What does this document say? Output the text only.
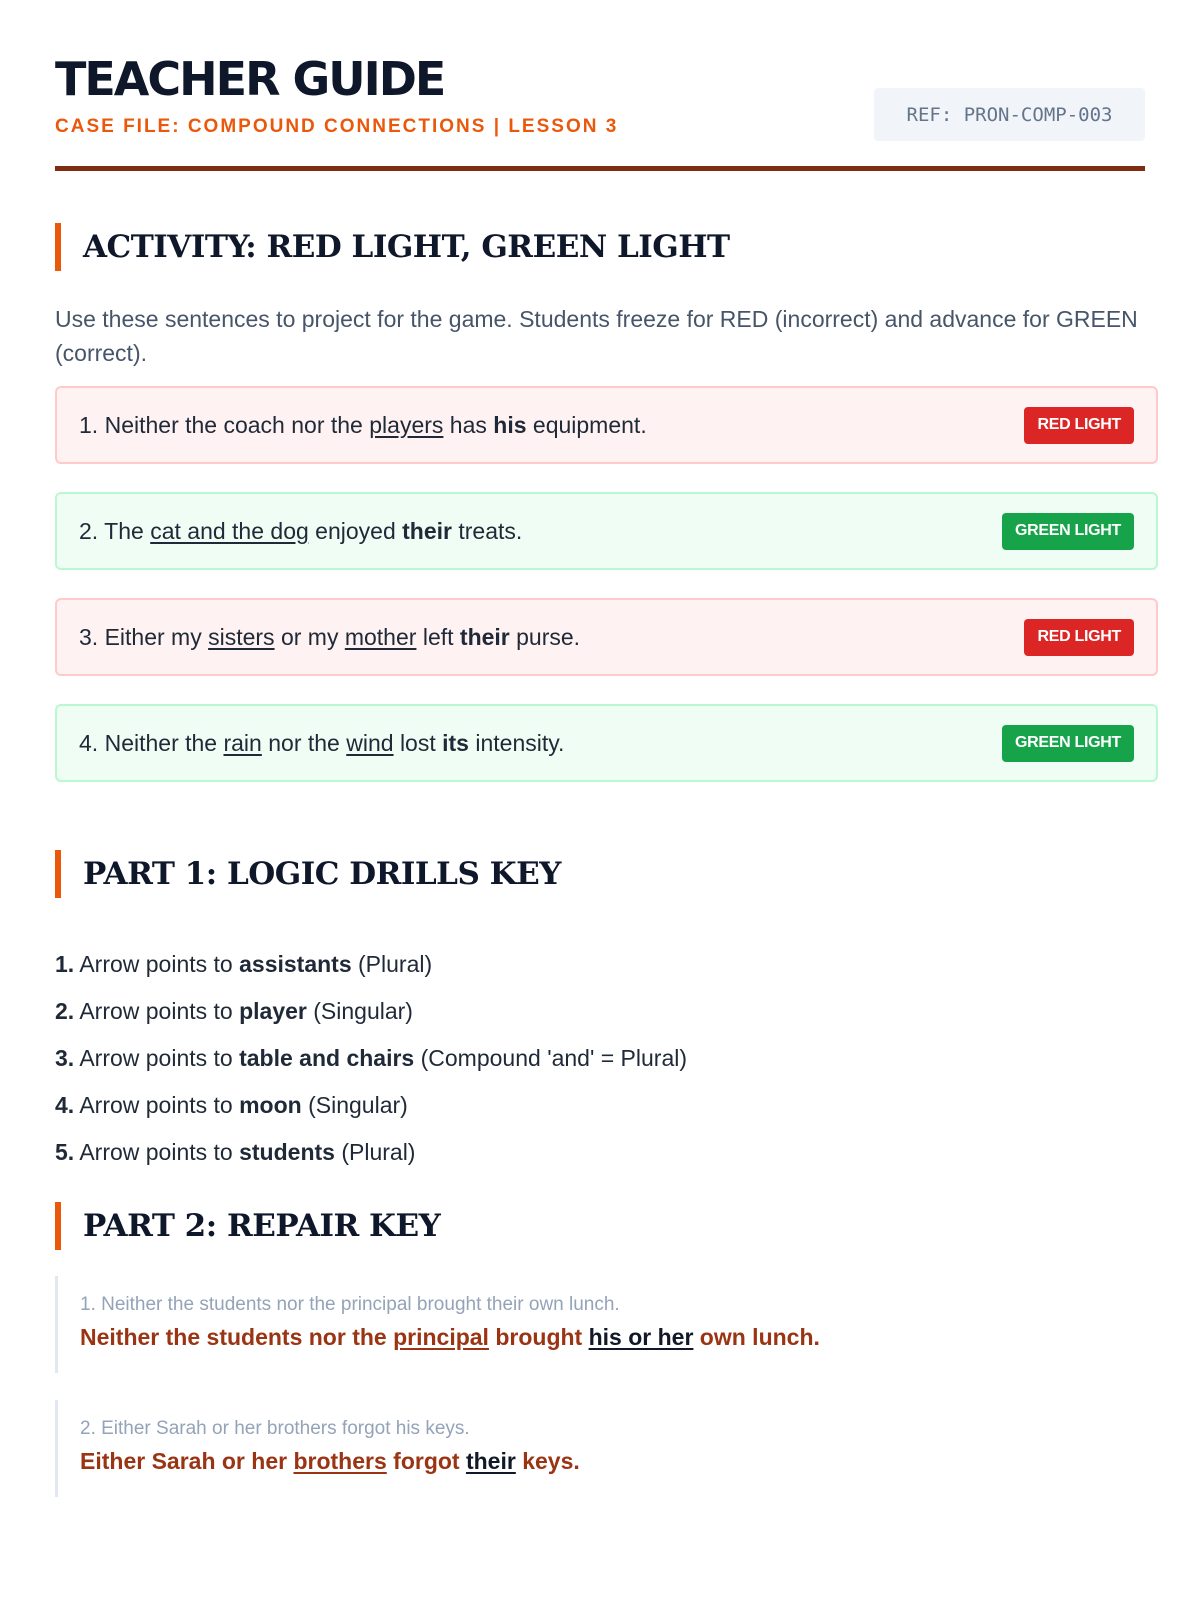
TEACHER GUIDE
CASE FILE: COMPOUND CONNECTIONS | LESSON 3
REF: PRON-COMP-003
ACTIVITY: RED LIGHT, GREEN LIGHT
Use these sentences to project for the game. Students freeze for RED (incorrect) and advance for GREEN (correct).
1. Neither the coach nor the players has his equipment.	RED LIGHT
2. The cat and the dog enjoyed their treats.	GREEN LIGHT
3. Either my sisters or my mother left their purse.	RED LIGHT
4. Neither the rain nor the wind lost its intensity.	GREEN LIGHT
PART 1: LOGIC DRILLS KEY
1. Arrow points to assistants (Plural)
2. Arrow points to player (Singular)
3. Arrow points to table and chairs (Compound 'and' = Plural)
4. Arrow points to moon (Singular)
5. Arrow points to students (Plural)
PART 2: REPAIR KEY
1. Neither the students nor the principal brought their own lunch.
Neither the students nor the principal brought his or her own lunch.
2. Either Sarah or her brothers forgot his keys.
Either Sarah or her brothers forgot their keys.
